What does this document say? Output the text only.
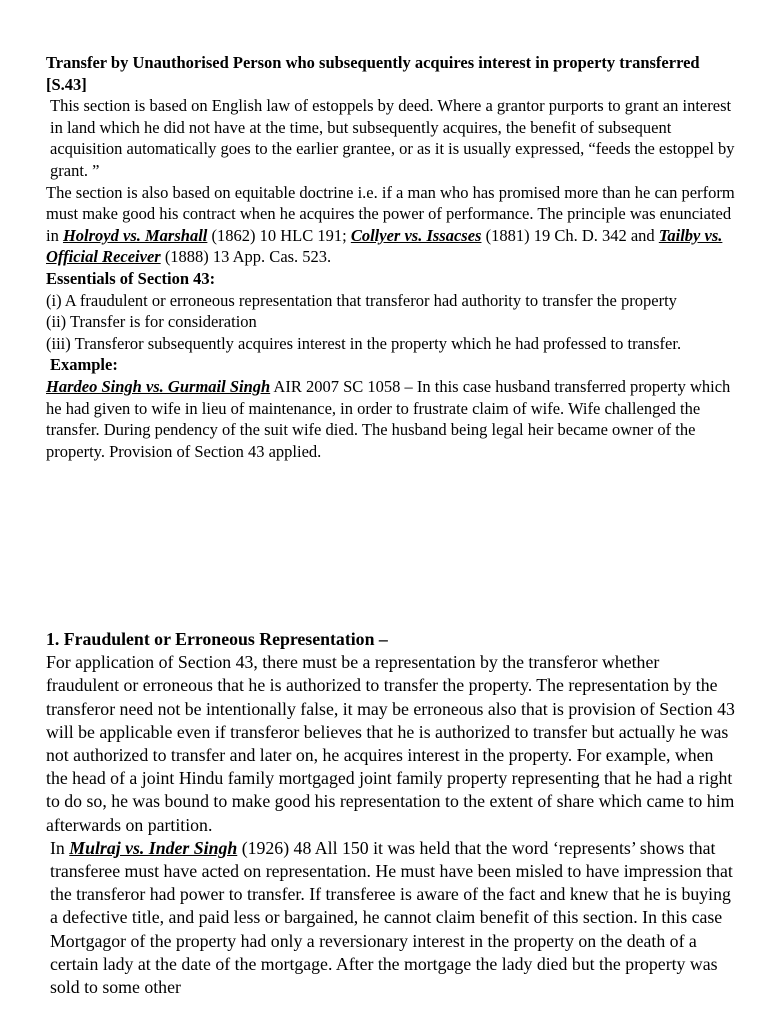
Transfer by Unauthorised Person who subsequently acquires interest in property transferred [S.43]

This section is based on English law of estoppels by deed. Where a grantor purports to grant an interest in land which he did not have at the time, but subsequently acquires, the benefit of subsequent acquisition automatically goes to the earlier grantee, or as it is usually expressed, “feeds the estoppel by grant. ”

The section is also based on equitable doctrine i.e. if a man who has promised more than he can perform must make good his contract when he acquires the power of performance. The principle was enunciated in Holroyd vs. Marshall (1862) 10 HLC 191; Collyer vs. Issacses (1881) 19 Ch. D. 342 and Tailby vs. Official Receiver (1888) 13 App. Cas. 523.

Essentials of Section 43:

(i) A fraudulent or erroneous representation that transferor had authority to transfer the property

(ii) Transfer is for consideration

(iii) Transferor subsequently acquires interest in the property which he had professed to transfer.

Example:

Hardeo Singh vs. Gurmail Singh AIR 2007 SC 1058 – In this case husband transferred property which he had given to wife in lieu of maintenance, in order to frustrate claim of wife. Wife challenged the transfer. During pendency of the suit wife died. The husband being legal heir became owner of the property. Provision of Section 43 applied.

1. Fraudulent or Erroneous Representation –

For application of Section 43, there must be a representation by the transferor whether fraudulent or erroneous that he is authorized to transfer the property. The representation by the transferor need not be intentionally false, it may be erroneous also that is provision of Section 43 will be applicable even if transferor believes that he is authorized to transfer but actually he was not authorized to transfer and later on, he acquires interest in the property. For example, when the head of a joint Hindu family mortgaged joint family property representing that he had a right to do so, he was bound to make good his representation to the extent of share which came to him afterwards on partition.

In Mulraj vs. Inder Singh (1926) 48 All 150 it was held that the word ‘represents’ shows that transferee must have acted on representation. He must have been misled to have impression that the transferor had power to transfer. If transferee is aware of the fact and knew that he is buying a defective title, and paid less or bargained, he cannot claim benefit of this section. In this case Mortgagor of the property had only a reversionary interest in the property on the death of a certain lady at the date of the mortgage. After the mortgage the lady died but the property was sold to some other
